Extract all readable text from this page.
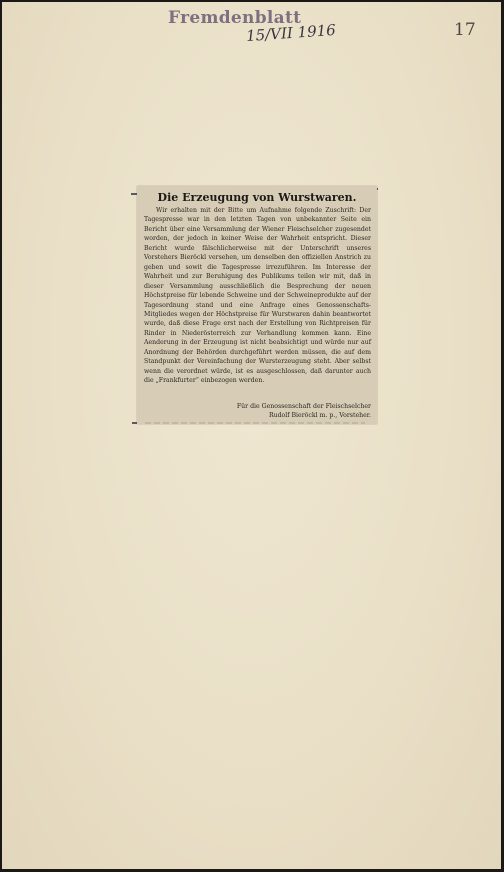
Fremdenblatt
15/VII 1916	17
Die Erzeugung von Wurstwaren.

Wir erhalten mit der Bitte um Aufnahme folgende Zuschrift: Der Tagespresse war in den letzten Tagen von unbekannter Seite ein Bericht über eine Versammlung der Wiener Fleischselcher zugesendet worden, der jedoch in keiner Weise der Wahrheit entspricht. Dieser Bericht wurde fälschlicherweise mit der Unterschrift unseres Vorstehers Bieröckl versehen, um denselben den offiziellen Anstrich zu geben und sowit die Tagespresse irrezuführen. Im Interesse der Wahrheit und zur Beruhigung des Publikums teilen wir mit, daß in dieser Versammlung ausschließlich die Besprechung der neuen Höchstpreise für lebende Schweine und der Schweineprodukte auf der Tagesordnung stand und eine Anfrage eines Genossenschafts-Mitgliedes wegen der Höchstpreise für Wurstwaren dahin beantwortet wurde, daß diese Frage erst nach der Erstellung von Richtpreisen für Rinder in Niederösterreich zur Verhandlung kommen kann. Eine Aenderung in der Erzeugung ist nicht beabsichtigt und würde nur auf Anordnung der Behörden durchgeführt werden müssen, die auf dem Standpunkt der Vereinfachung der Wursterzeugung steht. Aber selbst wenn die verordnet würde, ist es ausgeschlossen, daß darunter auch die „Frankfurter“ einbezogen werden.

Für die Genossenschaft der Fleischselcher
Rudolf Bieröckl m. p., Vorsteher.
